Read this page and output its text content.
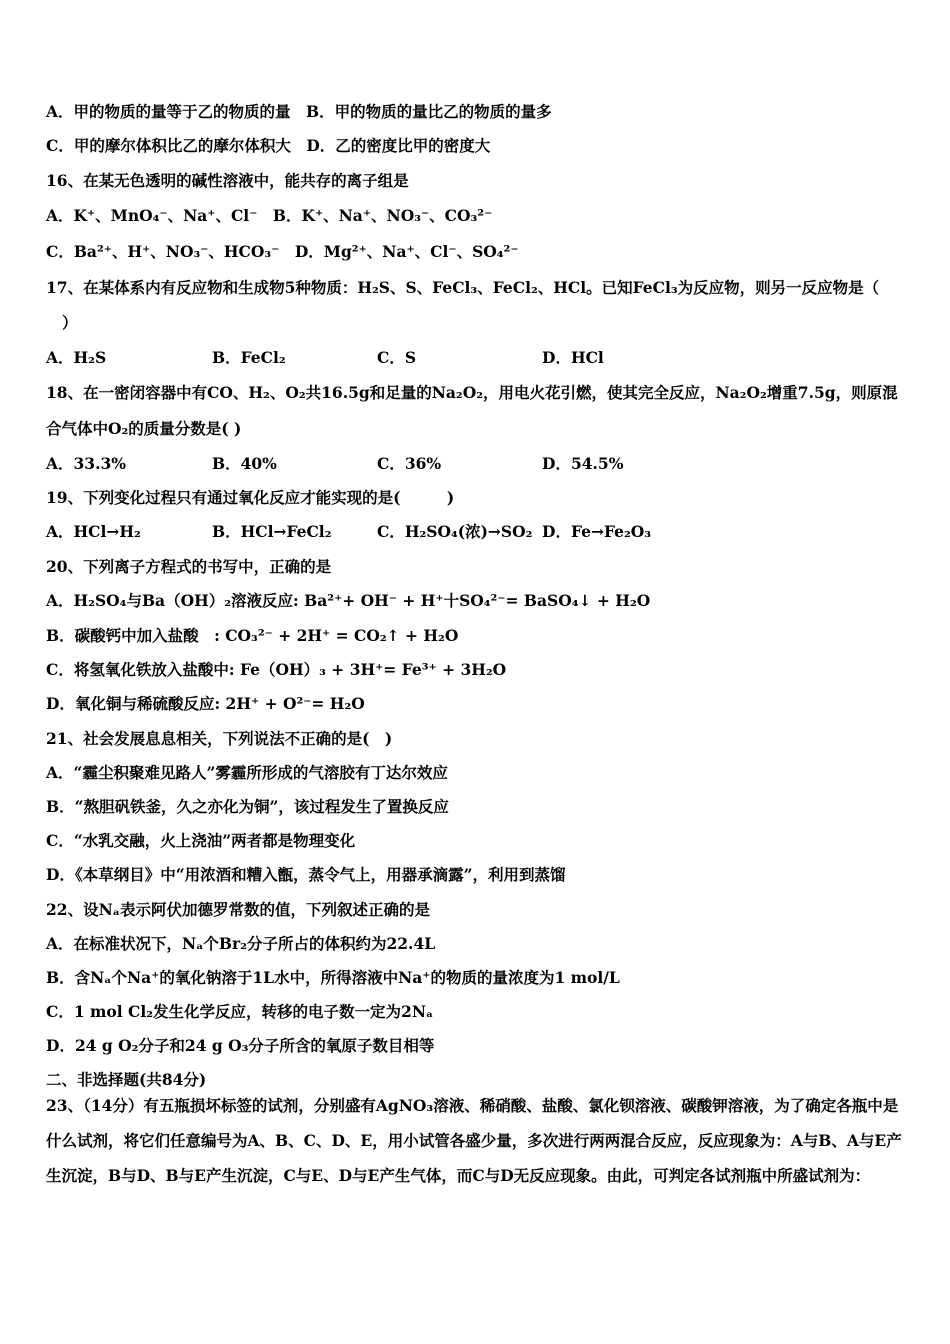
A．甲的物质的量等于乙的物质的量　B．甲的物质的量比乙的物质的量多
C．甲的摩尔体积比乙的摩尔体积大　D．乙的密度比甲的密度大
16、在某无色透明的碱性溶液中，能共存的离子组是
A．K⁺、MnO₄⁻、Na⁺、Cl⁻　B．K⁺、Na⁺、NO₃⁻、CO₃²⁻
C．Ba²⁺、H⁺、NO₃⁻、HCO₃⁻　D．Mg²⁺、Na⁺、Cl⁻、SO₄²⁻
17、在某体系内有反应物和生成物5种物质：H₂S、S、FeCl₃、FeCl₂、HCl。已知FeCl₃为反应物，则另一反应物是（
）
A．H₂S	B．FeCl₂	C．S	D．HCl
18、在一密闭容器中有CO、H₂、O₂共16.5g和足量的Na₂O₂，用电火花引燃，使其完全反应，Na₂O₂增重7.5g，则原混
合气体中O₂的质量分数是( )
A．33.3%	B．40%	C．36%	D．54.5%
19、下列变化过程只有通过氧化反应才能实现的是(　　　)
A．HCl→H₂	B．HCl→FeCl₂	C．H₂SO₄(浓)→SO₂ D．Fe→Fe₂O₃
20、下列离子方程式的书写中，正确的是
A．H₂SO₄与Ba（OH）₂溶液反应: Ba²⁺+ OH⁻ + H⁺十SO₄²⁻= BaSO₄↓ + H₂O
B．碳酸钙中加入盐酸　: CO₃²⁻ + 2H⁺ = CO₂↑ + H₂O
C．将氢氧化铁放入盐酸中: Fe（OH）₃ + 3H⁺= Fe³⁺ + 3H₂O
D．氧化铜与稀硫酸反应: 2H⁺ + O²⁻= H₂O
21、社会发展息息相关，下列说法不正确的是(　)
A．“霾尘积聚难见路人”雾霾所形成的气溶胶有丁达尔效应
B．“熬胆矾铁釜，久之亦化为铜”，该过程发生了置换反应
C．“水乳交融，火上浇油”两者都是物理变化
D．《本草纲目》中“用浓酒和糟入甑，蒸令气上，用器承滴露”，利用到蒸馏
22、设Nₐ表示阿伏加德罗常数的值，下列叙述正确的是
A．在标准状况下，Nₐ个Br₂分子所占的体积约为22.4L
B．含Nₐ个Na⁺的氧化钠溶于1L水中，所得溶液中Na⁺的物质的量浓度为1 mol/L
C．1 mol Cl₂发生化学反应，转移的电子数一定为2Nₐ
D．24 g O₂分子和24 g O₃分子所含的氧原子数目相等
二、非选择题(共84分)
23、（14分）有五瓶损坏标签的试剂，分别盛有AgNO₃溶液、稀硝酸、盐酸、氯化钡溶液、碳酸钾溶液，为了确定各瓶中是什么试剂，将它们任意编号为A、B、C、D、E，用小试管各盛少量，多次进行两两混合反应，反应现象为：A与B、A与E产生沉淀，B与D、B与E产生沉淀，C与E、D与E产生气体，而C与D无反应现象。由此，可判定各试剂瓶中所盛试剂为：
